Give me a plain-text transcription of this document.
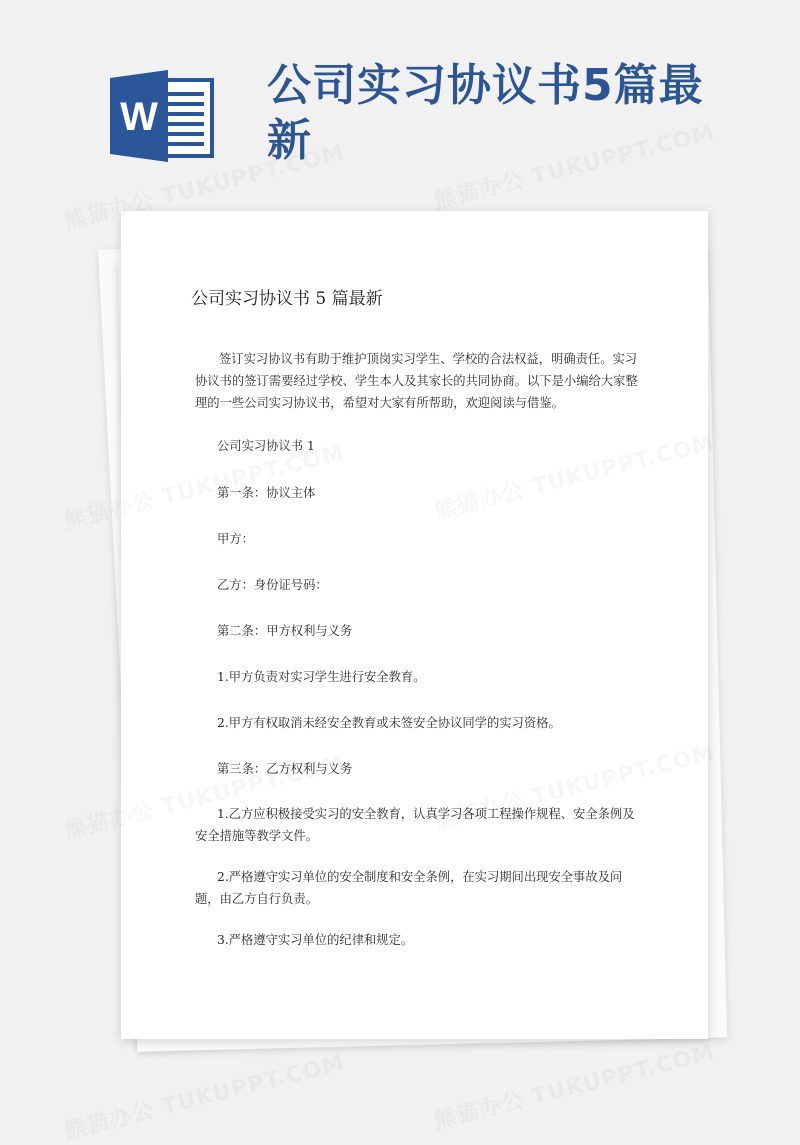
W
公司实习协议书5篇最
新
公司实习协议书 5 篇最新

签订实习协议书有助于维护顶岗实习学生、学校的合法权益，明确责任。实习协议书的签订需要经过学校、学生本人及其家长的共同协商。以下是小编给大家整理的一些公司实习协议书，希望对大家有所帮助，欢迎阅读与借鉴。

公司实习协议书 1

第一条：协议主体

甲方：

乙方：身份证号码：

第二条：甲方权利与义务

1.甲方负责对实习学生进行安全教育。

2.甲方有权取消未经安全教育或未签安全协议同学的实习资格。

第三条：乙方权利与义务

1.乙方应积极接受实习的安全教育，认真学习各项工程操作规程、安全条例及安全措施等教学文件。

2.严格遵守实习单位的安全制度和安全条例，在实习期间出现安全事故及问题，由乙方自行负责。

3.严格遵守实习单位的纪律和规定。
